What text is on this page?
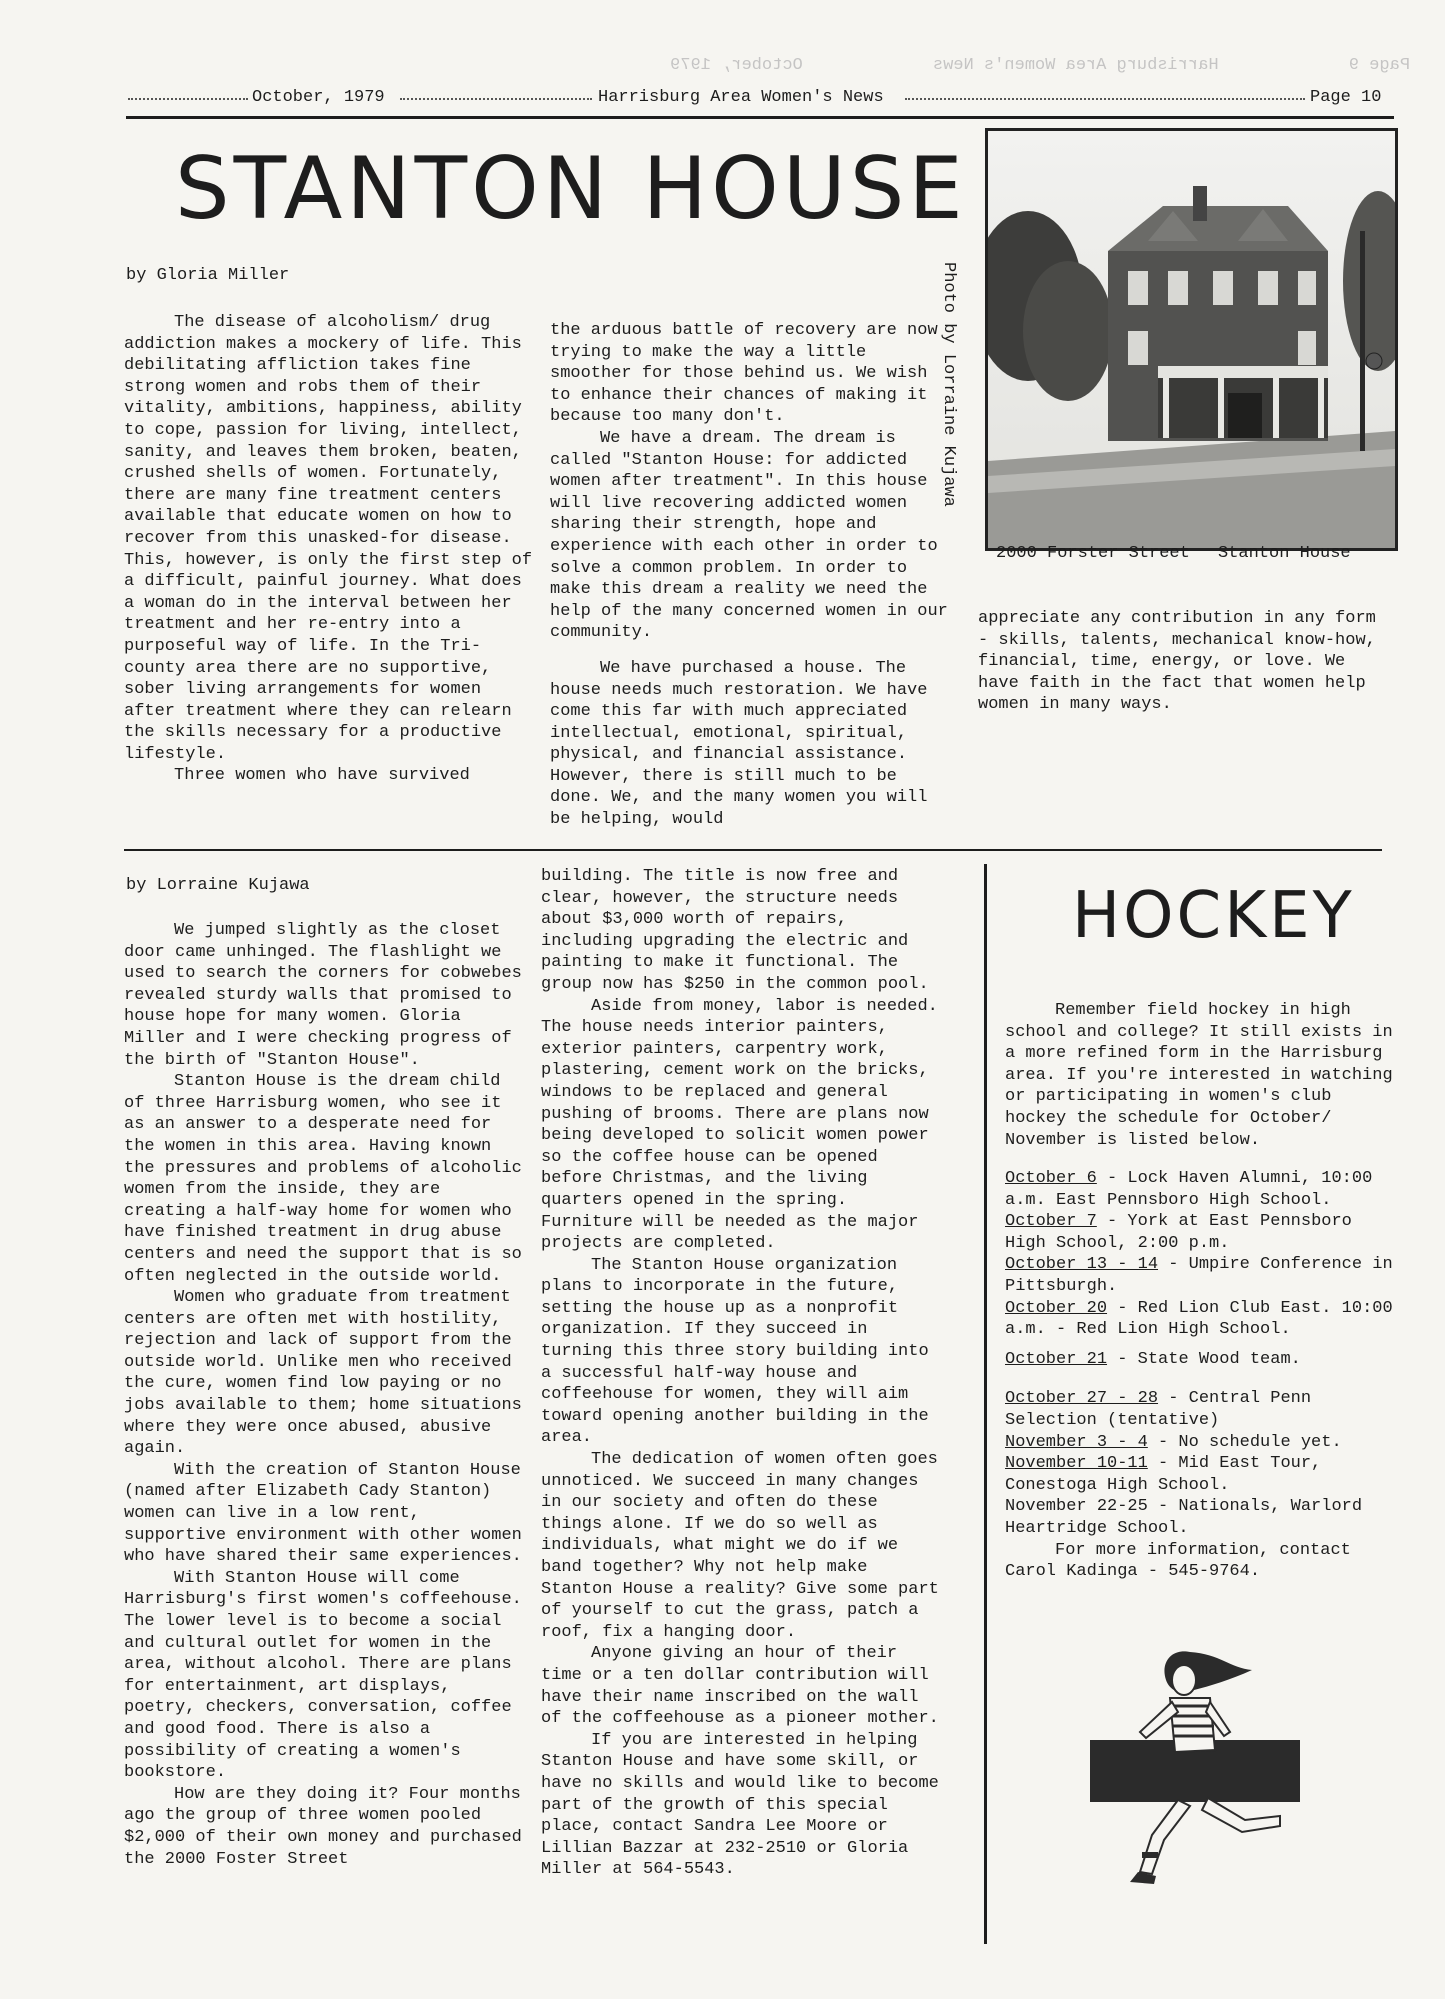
Page 9 Harrisburg Area Women's News October, 1979
October, 1979	Harrisburg Area Women's News	Page 10
STANTON HOUSE
by Gloria Miller

The disease of alcoholism/ drug addiction makes a mockery of life. This debilitating affliction takes fine strong women and robs them of their vitality, ambitions, happiness, ability to cope, passion for living, intellect, sanity, and leaves them broken, beaten, crushed shells of women. Fortunately, there are many fine treatment centers available that educate women on how to recover from this unasked-for disease. This, however, is only the first step of a difficult, painful journey. What does a woman do in the interval between her treatment and her re-entry into a purposeful way of life. In the Tri-county area there are no supportive, sober living arrangements for women after treatment where they can relearn the skills necessary for a productive lifestyle.

Three women who have survived

the arduous battle of recovery are now trying to make the way a little smoother for those behind us. We wish to enhance their chances of making it because too many don't.

We have a dream. The dream is called "Stanton House: for addicted women after treatment". In this house will live recovering addicted women sharing their strength, hope and experience with each other in order to solve a common problem. In order to make this dream a reality we need the help of the many concerned women in our community.

We have purchased a house. The house needs much restoration. We have come this far with much appreciated intellectual, emotional, spiritual, physical, and financial assistance. However, there is still much to be done. We, and the many women you will be helping, would

Photo by Lorraine Kujawa
2000 Forster Street Stanton House

appreciate any contribution in any form - skills, talents, mechanical know-how, financial, time, energy, or love. We have faith in the fact that women help women in many ways.

by Lorraine Kujawa

We jumped slightly as the closet door came unhinged. The flashlight we used to search the corners for cobwebes revealed sturdy walls that promised to house hope for many women. Gloria Miller and I were checking progress of the birth of "Stanton House".

Stanton House is the dream child of three Harrisburg women, who see it as an answer to a desperate need for the women in this area. Having known the pressures and problems of alcoholic women from the inside, they are creating a half-way home for women who have finished treatment in drug abuse centers and need the support that is so often neglected in the outside world.

Women who graduate from treatment centers are often met with hostility, rejection and lack of support from the outside world. Unlike men who received the cure, women find low paying or no jobs available to them; home situations where they were once abused, abusive again.

With the creation of Stanton House (named after Elizabeth Cady Stanton) women can live in a low rent, supportive environment with other women who have shared their same experiences.

With Stanton House will come Harrisburg's first women's coffeehouse. The lower level is to become a social and cultural outlet for women in the area, without alcohol. There are plans for entertainment, art displays, poetry, checkers, conversation, coffee and good food. There is also a possibility of creating a women's bookstore.

How are they doing it? Four months ago the group of three women pooled $2,000 of their own money and purchased the 2000 Foster Street

building. The title is now free and clear, however, the structure needs about $3,000 worth of repairs, including upgrading the electric and painting to make it functional. The group now has $250 in the common pool.

Aside from money, labor is needed. The house needs interior painters, exterior painters, carpentry work, plastering, cement work on the bricks, windows to be replaced and general pushing of brooms. There are plans now being developed to solicit women power so the coffee house can be opened before Christmas, and the living quarters opened in the spring. Furniture will be needed as the major projects are completed.

The Stanton House organization plans to incorporate in the future, setting the house up as a nonprofit organization. If they succeed in turning this three story building into a successful half-way house and coffeehouse for women, they will aim toward opening another building in the area.

The dedication of women often goes unnoticed. We succeed in many changes in our society and often do these things alone. If we do so well as individuals, what might we do if we band together? Why not help make Stanton House a reality? Give some part of yourself to cut the grass, patch a roof, fix a hanging door.

Anyone giving an hour of their time or a ten dollar contribution will have their name inscribed on the wall of the coffeehouse as a pioneer mother.

If you are interested in helping Stanton House and have some skill, or have no skills and would like to become part of the growth of this special place, contact Sandra Lee Moore or Lillian Bazzar at 232-2510 or Gloria Miller at 564-5543.

HOCKEY

Remember field hockey in high school and college? It still exists in a more refined form in the Harrisburg area. If you're interested in watching or participating in women's club hockey the schedule for October/ November is listed below.

October 6 - Lock Haven Alumni, 10:00 a.m. East Pennsboro High School.

October 7 - York at East Pennsboro High School, 2:00 p.m.

October 13 - 14 - Umpire Conference in Pittsburgh.

October 20 - Red Lion Club East. 10:00 a.m. - Red Lion High School.

October 21 - State Wood team.

October 27 - 28 - Central Penn Selection (tentative)

November 3 - 4 - No schedule yet.

November 10-11 - Mid East Tour, Conestoga High School.

November 22-25 - Nationals, Warlord Heartridge School.

For more information, contact Carol Kadinga - 545-9764.
